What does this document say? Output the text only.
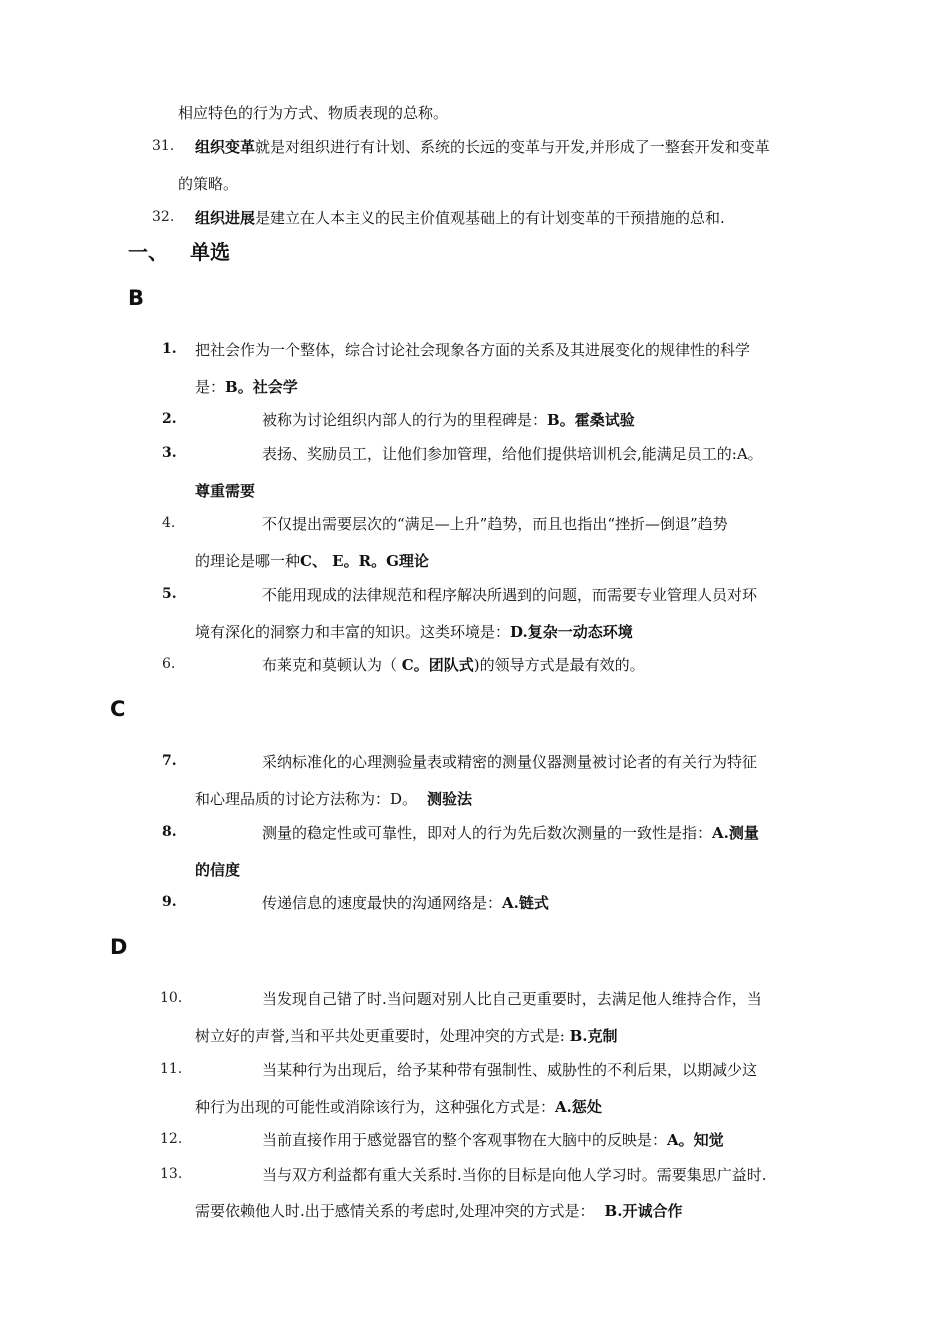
相应特色的行为方式、物质表现的总称。
31. 组织变革就是对组织进行有计划、系统的长远的变革与开发,并形成了一整套开发和变革
的策略。
32. 组织进展是建立在人本主义的民主价值观基础上的有计划变革的干预措施的总和.
一、 单选
B
1. 把社会作为一个整体，综合讨论社会现象各方面的关系及其进展变化的规律性的科学
是：B。社会学
2.	被称为讨论组织内部人的行为的里程碑是：B。霍桑试验
3.	表扬、奖励员工，让他们参加管理，给他们提供培训机会,能满足员工的:A。
尊重需要
4.	不仅提出需要层次的“满足—上升”趋势，而且也指出“挫折—倒退”趋势
的理论是哪一种C、 E。R。G理论
5.	不能用现成的法律规范和程序解决所遇到的问题，而需要专业管理人员对环
境有深化的洞察力和丰富的知识。这类环境是：D.复杂一动态环境
6.	布莱克和莫顿认为（ C。团队式)的领导方式是最有效的。
C
7.	采纳标准化的心理测验量表或精密的测量仪器测量被讨论者的有关行为特征
和心理品质的讨论方法称为：D。 测验法
8.	测量的稳定性或可靠性，即对人的行为先后数次测量的一致性是指：A.测量
的信度
9.	传递信息的速度最快的沟通网络是：A.链式
D
10.	当发现自己错了时.当问题对别人比自己更重要时，去满足他人维持合作，当
树立好的声誉,当和平共处更重要时，处理冲突的方式是: B.克制
11.	当某种行为出现后，给予某种带有强制性、威胁性的不利后果，以期减少这
种行为出现的可能性或消除该行为，这种强化方式是：A.惩处
12.	当前直接作用于感觉器官的整个客观事物在大脑中的反映是：A。知觉
13.	当与双方利益都有重大关系时.当你的目标是向他人学习时。需要集思广益时.
需要依赖他人时.出于感情关系的考虑时,处理冲突的方式是： B.开诚合作
